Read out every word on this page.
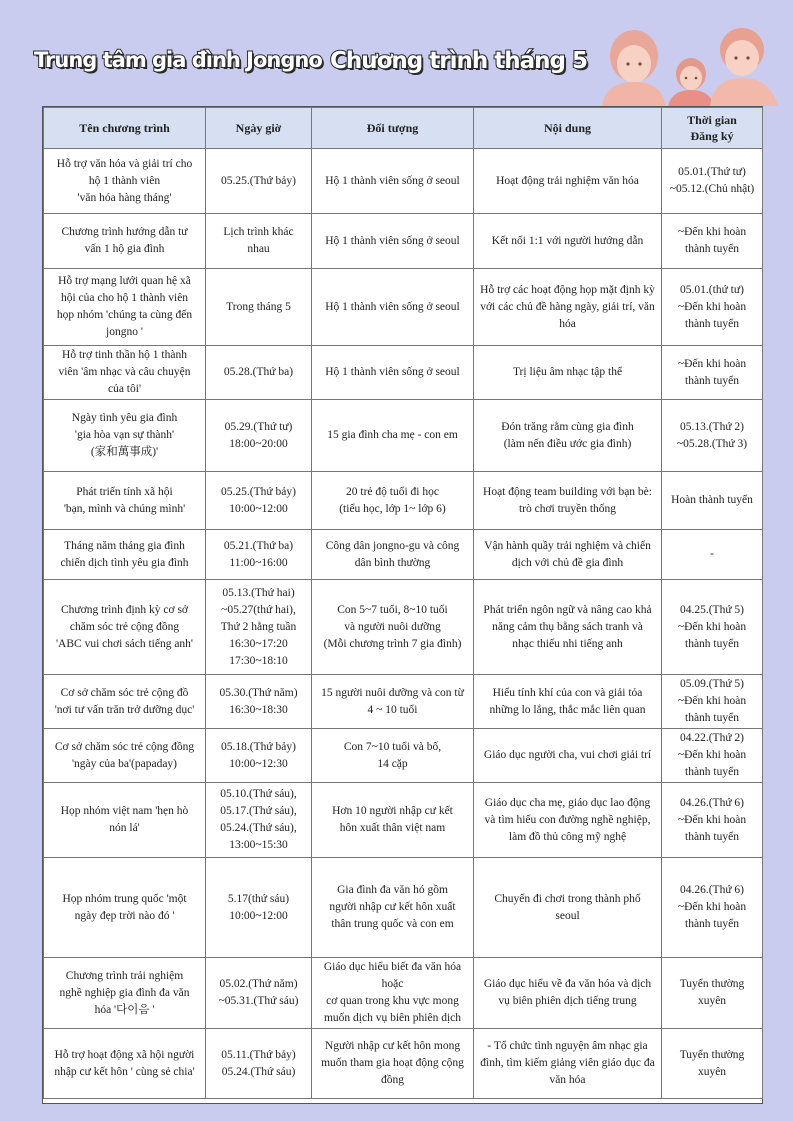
Trung tâm gia đình Jongno Chương trình tháng 5
Tên chương trình	Ngày giờ	Đối tượng	Nội dung	Thời gian
Đăng ký
Hỗ trợ văn hóa và giải trí cho
hộ 1 thành viên
'văn hóa hàng tháng'	05.25.(Thứ bảy)	Hộ 1 thành viên sống ở seoul	Hoạt động trải nghiệm văn hóa	05.01.(Thứ tư)
~05.12.(Chủ nhật)
Chương trình hướng dẫn tư
vấn 1 hộ gia đình	Lịch trình khác
nhau	Hộ 1 thành viên sống ở seoul	Kết nối 1:1 với người hướng dẫn	~Đến khi hoàn
thành tuyển
Hỗ trợ mạng lưới quan hệ xã
hội của cho hộ 1 thành viên
họp nhóm 'chúng ta cùng đến
jongno '	Trong tháng 5	Hộ 1 thành viên sống ở seoul	Hỗ trợ các hoạt động họp mặt định kỳ
với các chủ đề hàng ngày, giải trí, văn
hóa	05.01.(thứ tư)
~Đến khi hoàn
thành tuyển
Hỗ trợ tinh thần hộ 1 thành
viên 'âm nhạc và câu chuyện
của tôi'	05.28.(Thứ ba)	Hộ 1 thành viên sống ở seoul	Trị liệu âm nhạc tập thể	~Đến khi hoàn
thành tuyển
Ngày tình yêu gia đình
'gia hòa vạn sự thành'
(家和萬事成)'	05.29.(Thứ tư)
18:00~20:00	15 gia đình cha mẹ - con em	Đón trăng rằm cùng gia đình
(làm nến điều ước gia đình)	05.13.(Thứ 2)
~05.28.(Thứ 3)
Phát triển tính xã hội
'bạn, mình và chúng mình'	05.25.(Thứ bảy)
10:00~12:00	20 trẻ độ tuổi đi học
(tiểu học, lớp 1~ lớp 6)	Hoạt động team building với bạn bè:
trò chơi truyền thống	Hoàn thành tuyển
Tháng năm tháng gia đình
chiến dịch tình yêu gia đình	05.21.(Thứ ba)
11:00~16:00	Công dân jongno-gu và công
dân bình thường	Vận hành quầy trải nghiệm và chiến
dịch với chủ đề gia đình	-
Chương trình định kỳ cơ sở
chăm sóc trẻ cộng đồng
'ABC vui chơi sách tiếng anh'	05.13.(Thứ hai)
~05.27(thứ hai),
Thứ 2 hằng tuần
16:30~17:20
17:30~18:10	Con 5~7 tuổi, 8~10 tuổi
và người nuôi dưỡng
(Mỗi chương trình 7 gia đình)	Phát triển ngôn ngữ và nâng cao khả
năng cảm thụ bằng sách tranh và
nhạc thiếu nhi tiếng anh	04.25.(Thứ 5)
~Đến khi hoàn
thành tuyển
Cơ sở chăm sóc trẻ cộng đồ
'nơi tư vấn trăn trở dưỡng dục'	05.30.(Thứ năm)
16:30~18:30	15 người nuôi dưỡng và con từ
4 ~ 10 tuổi	Hiểu tính khí của con và giải tỏa
những lo lắng, thắc mắc liên quan	05.09.(Thứ 5)
~Đến khi hoàn
thành tuyển
Cơ sở chăm sóc trẻ cộng đồng
'ngày của ba'(papaday)	05.18.(Thứ bảy)
10:00~12:30	Con 7~10 tuổi và bố,
14 cặp	Giáo dục người cha, vui chơi giải trí	04.22.(Thứ 2)
~Đến khi hoàn
thành tuyển
Họp nhóm việt nam 'hẹn hò
nón lá'	05.10.(Thứ sáu),
05.17.(Thứ sáu),
05.24.(Thứ sáu),
13:00~15:30	Hơn 10 người nhập cư kết
hôn xuất thân việt nam	Giáo dục cha mẹ, giáo dục lao động
và tìm hiểu con đường nghề nghiệp,
làm đồ thủ công mỹ nghệ	04.26.(Thứ 6)
~Đến khi hoàn
thành tuyển
Họp nhóm trung quốc 'một
ngày đẹp trời nào đó '	5.17(thứ sáu)
10:00~12:00	Gia đình đa văn hó gồm
người nhập cư kết hôn xuất
thân trung quốc và con em	Chuyến đi chơi trong thành phố
seoul	04.26.(Thứ 6)
~Đến khi hoàn
thành tuyển
Chương trình trải nghiệm
nghề nghiệp gia đình đa văn
hóa '다이음 '	05.02.(Thứ năm)
~05.31.(Thứ sáu)	Giáo dục hiểu biết đa văn hóa
hoặc
cơ quan trong khu vực mong
muốn dịch vụ biên phiên dịch	Giáo dục hiểu về đa văn hóa và dịch
vụ biên phiên dịch tiếng trung	Tuyển thường
xuyên
Hỗ trợ hoạt động xã hội người
nhập cư kết hôn ' cùng sẻ chia'	05.11.(Thứ bảy)
05.24.(Thứ sáu)	Người nhập cư kết hôn mong
muốn tham gia hoạt động cộng
đồng	- Tổ chức tình nguyện âm nhạc gia
đình, tìm kiếm giảng viên giáo dục đa
văn hóa	Tuyển thường
xuyên
